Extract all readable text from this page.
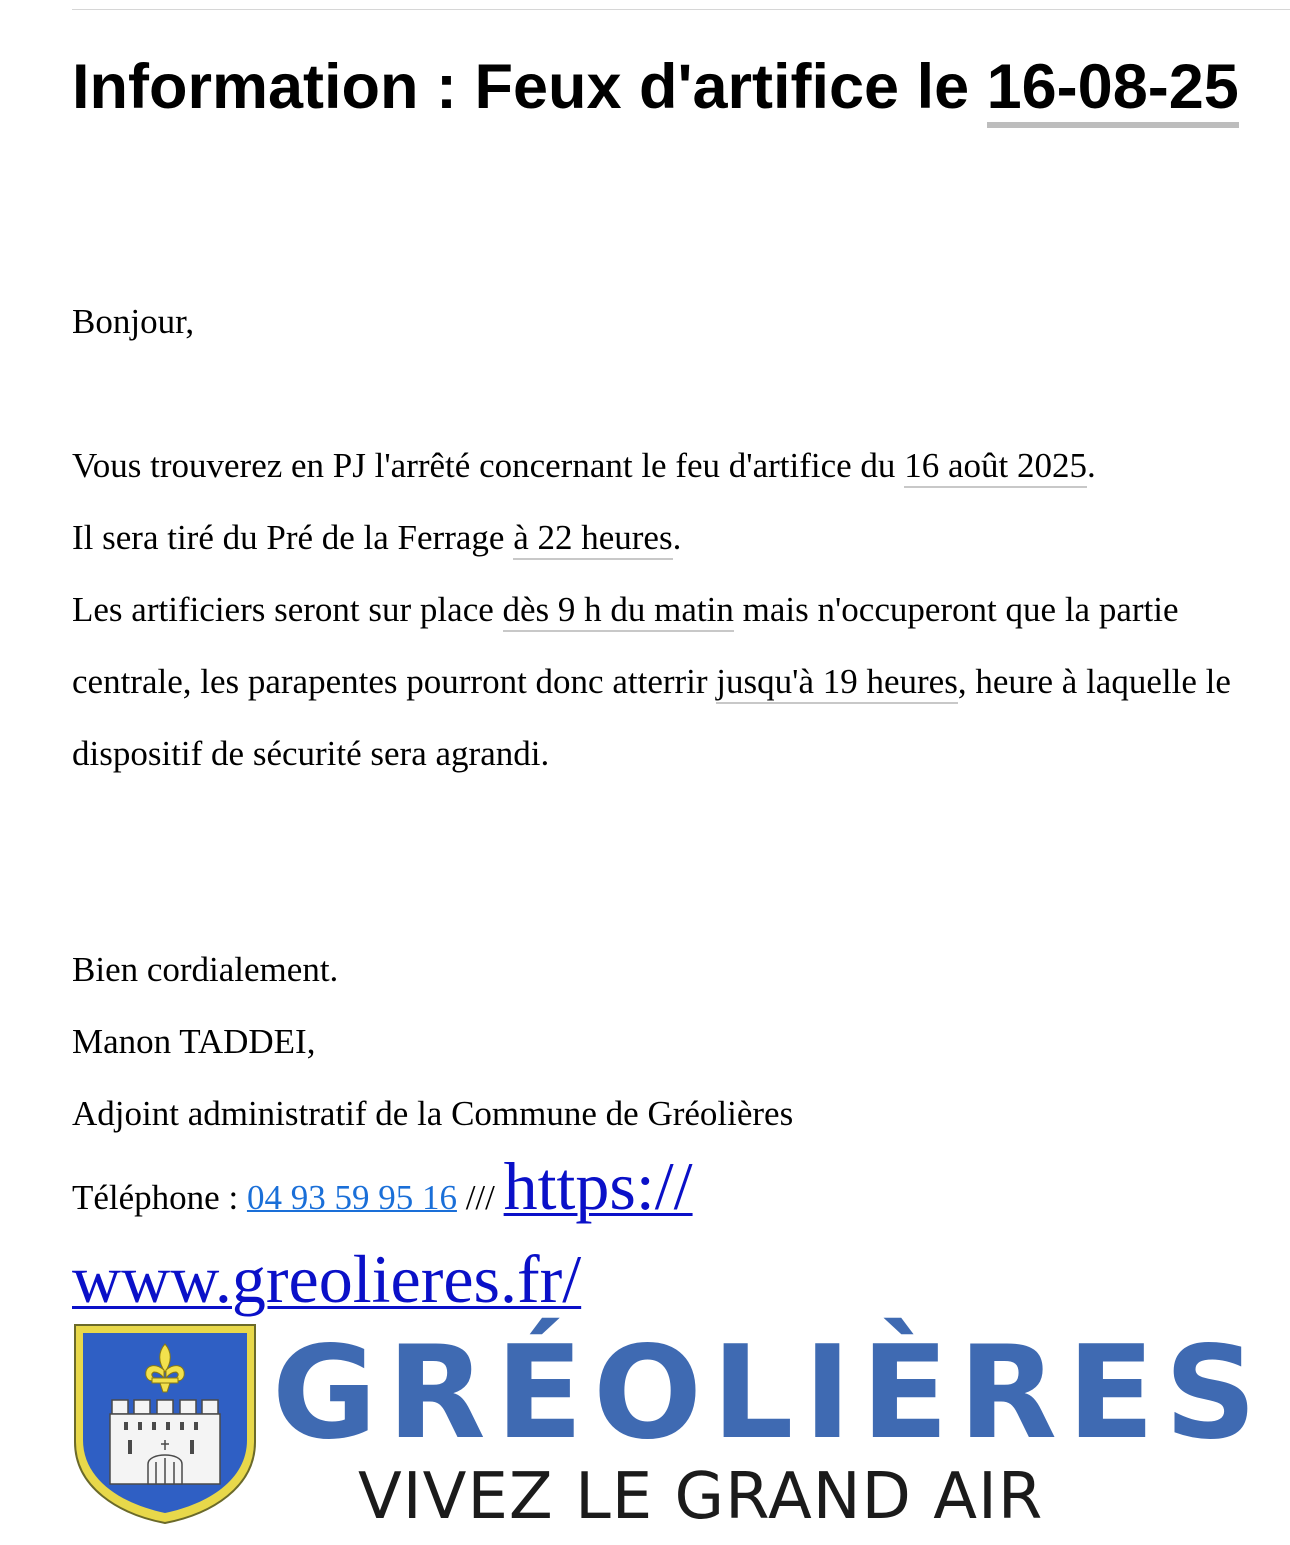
Information : Feux d'artifice le 16-08-25

Bonjour,

Vous trouverez en PJ l'arrêté concernant le feu d'artifice du 16 août 2025.

Il sera tiré du Pré de la Ferrage à 22 heures.

Les artificiers seront sur place dès 9 h du matin mais n'occuperont que la partie centrale, les parapentes pourront donc atterrir jusqu'à 19 heures, heure à laquelle le dispositif de sécurité sera agrandi.

Bien cordialement.

Manon TADDEI,

Adjoint administratif de la Commune de Gréolières

Téléphone : 04 93 59 95 16 /// https://

www.greolieres.fr/

GRÉOLIÈRES
VIVEZ LE GRAND AIR
